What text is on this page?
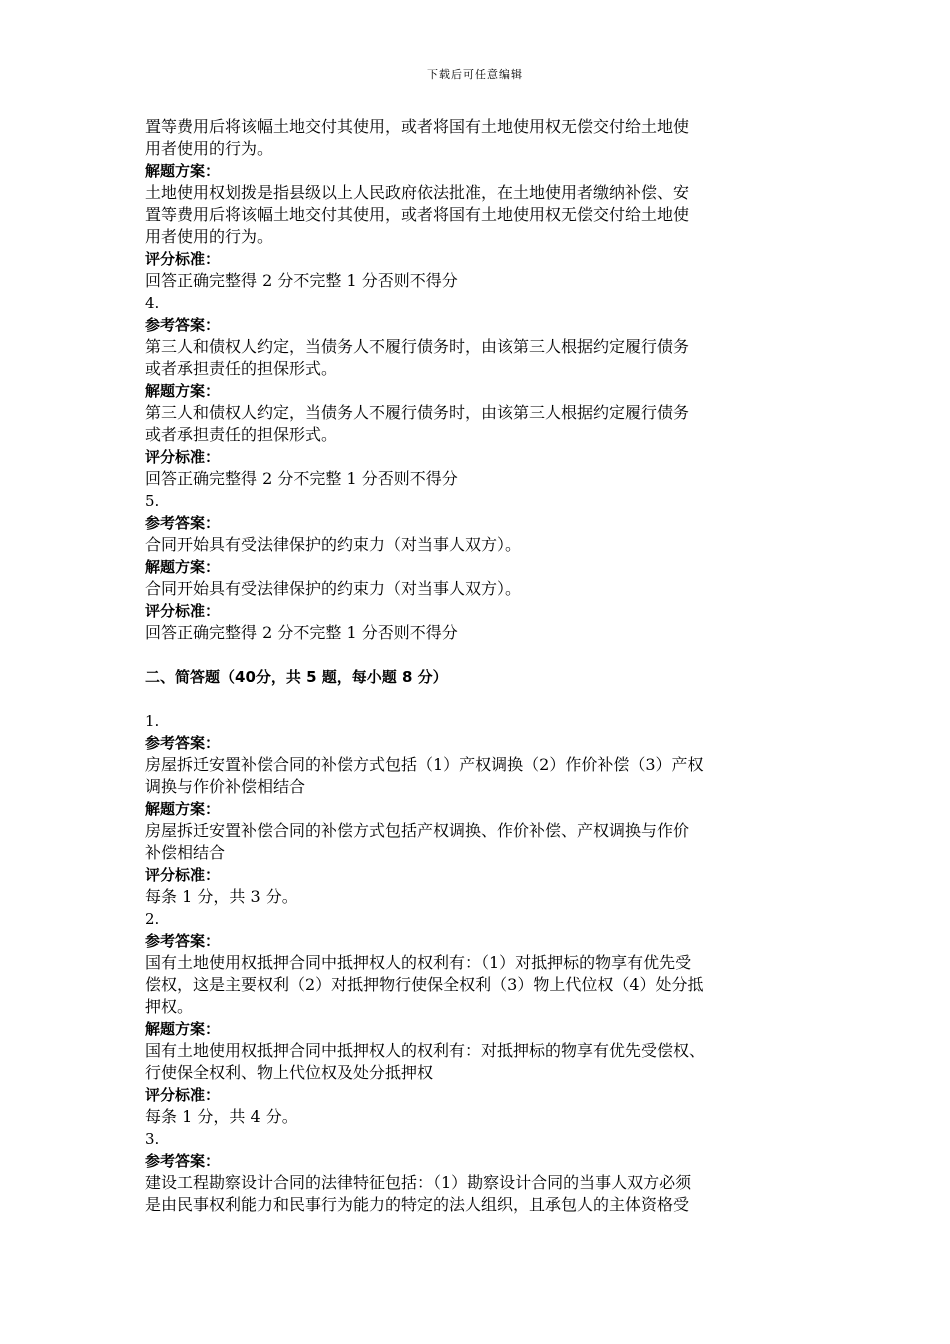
下载后可任意编辑
置等费用后将该幅土地交付其使用，或者将国有土地使用权无偿交付给土地使
用者使用的行为。
解题方案：
土地使用权划拨是指县级以上人民政府依法批准，在土地使用者缴纳补偿、安
置等费用后将该幅土地交付其使用，或者将国有土地使用权无偿交付给土地使
用者使用的行为。
评分标准：
回答正确完整得 2 分不完整 1 分否则不得分
4.
参考答案：
第三人和债权人约定，当债务人不履行债务时，由该第三人根据约定履行债务
或者承担责任的担保形式。
解题方案：
第三人和债权人约定，当债务人不履行债务时，由该第三人根据约定履行债务
或者承担责任的担保形式。
评分标准：
回答正确完整得 2 分不完整 1 分否则不得分
5.
参考答案：
合同开始具有受法律保护的约束力（对当事人双方）。
解题方案：
合同开始具有受法律保护的约束力（对当事人双方）。
评分标准：
回答正确完整得 2 分不完整 1 分否则不得分
二、简答题（40分，共 5 题，每小题 8 分）
1.
参考答案：
房屋拆迁安置补偿合同的补偿方式包括（1）产权调换（2）作价补偿（3）产权
调换与作价补偿相结合
解题方案：
房屋拆迁安置补偿合同的补偿方式包括产权调换、作价补偿、产权调换与作价
补偿相结合
评分标准：
每条 1 分，共 3 分。
2.
参考答案：
国有土地使用权抵押合同中抵押权人的权利有：（1）对抵押标的物享有优先受
偿权，这是主要权利（2）对抵押物行使保全权利（3）物上代位权（4）处分抵
押权。
解题方案：
国有土地使用权抵押合同中抵押权人的权利有：对抵押标的物享有优先受偿权、
行使保全权利、物上代位权及处分抵押权
评分标准：
每条 1 分，共 4 分。
3.
参考答案：
建设工程勘察设计合同的法律特征包括：（1）勘察设计合同的当事人双方必须
是由民事权利能力和民事行为能力的特定的法人组织，且承包人的主体资格受
